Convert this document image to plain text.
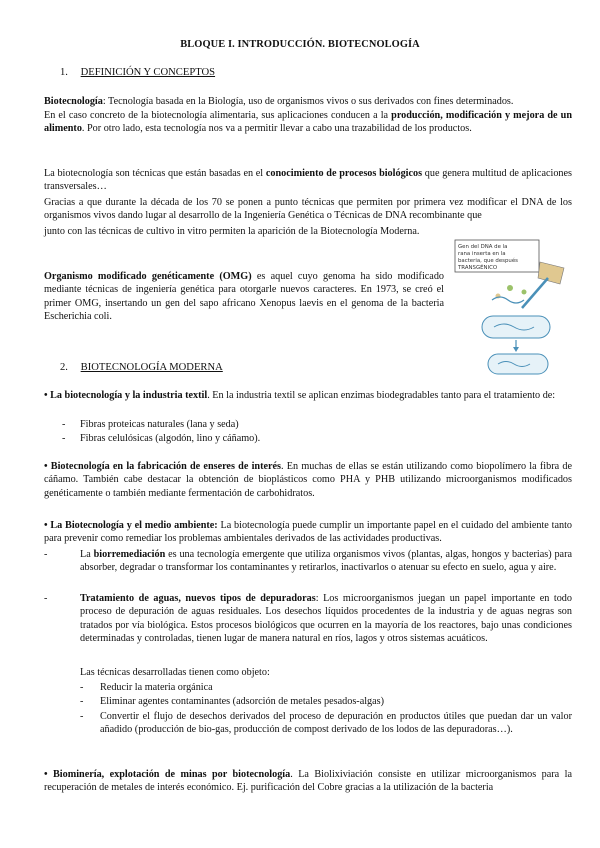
BLOQUE I. INTRODUCCIÓN. BIOTECNOLOGÍA
1. DEFINICIÓN Y CONCEPTOS

Biotecnología: Tecnología basada en la Biología, uso de organismos vivos o sus derivados con fines determinados.

En el caso concreto de la biotecnología alimentaria, sus aplicaciones conducen a la producción, modificación y mejora de un alimento. Por otro lado, esta tecnología nos va a permitir llevar a cabo una trazabilidad de los productos.

La biotecnología son técnicas que están basadas en el conocimiento de procesos biológicos que genera multitud de aplicaciones transversales…

Gracias a que durante la década de los 70 se ponen a punto técnicas que permiten por primera vez modificar el DNA de los organismos vivos dando lugar al desarrollo de la Ingeniería Genética o Técnicas de DNA recombinante que

junto con las técnicas de cultivo in vitro permiten la aparición de la Biotecnología Moderna.

Organismo modificado genéticamente (OMG) es aquel cuyo genoma ha sido modificado mediante técnicas de ingeniería genética para otorgarle nuevos caracteres. En 1973, se creó el primer OMG, insertando un gen del sapo africano Xenopus laevis en el genoma de la bacteria Escherichia coli.

Gen del DNA de la
rana inserta en la
bacteria, que después
TRANSGÉNICO
2. BIOTECNOLOGÍA MODERNA

• La biotecnología y la industria textil. En la industria textil se aplican enzimas biodegradables tanto para el tratamiento de:

- Fibras proteicas naturales (lana y seda)

- Fibras celulósicas (algodón, lino y cáñamo).

• Biotecnología en la fabricación de enseres de interés. En muchas de ellas se están utilizando como biopolímero la fibra de cáñamo. También cabe destacar la obtención de bioplásticos como PHA y PHB utilizando microorganismos modificados genéticamente o también mediante fermentación de carbohidratos.

• La Biotecnología y el medio ambiente: La biotecnología puede cumplir un importante papel en el cuidado del ambiente tanto para prevenir como remediar los problemas ambientales derivados de las actividades productivas.

-	La biorremediación es una tecnología emergente que utiliza organismos vivos (plantas, algas, hongos y bacterias) para absorber, degradar o transformar los contaminantes y retirarlos, inactivarlos o atenuar su efecto en suelo, agua y aire.

-	Tratamiento de aguas, nuevos tipos de depuradoras: Los microorganismos juegan un papel importante en todo proceso de depuración de aguas residuales. Los desechos líquidos procedentes de la industria y de aguas negras son tratados por vía biológica. Estos procesos biológicos que ocurren en la mayoría de los reactores, bajo unas condiciones determinadas y controladas, tienen lugar de manera natural en ríos, lagos y otros sistemas acuáticos.

Las técnicas desarrolladas tienen como objeto:

- Reducir la materia orgánica

- Eliminar agentes contaminantes (adsorción de metales pesados-algas)

- Convertir el flujo de desechos derivados del proceso de depuración en productos útiles que puedan dar un valor añadido (producción de bio-gas, producción de compost derivado de los lodos de las depuradoras…).

• Biominería, explotación de minas por biotecnología. La Biolixiviación consiste en utilizar microorganismos para la recuperación de metales de interés económico. Ej. purificación del Cobre gracias a la utilización de la bacteria
